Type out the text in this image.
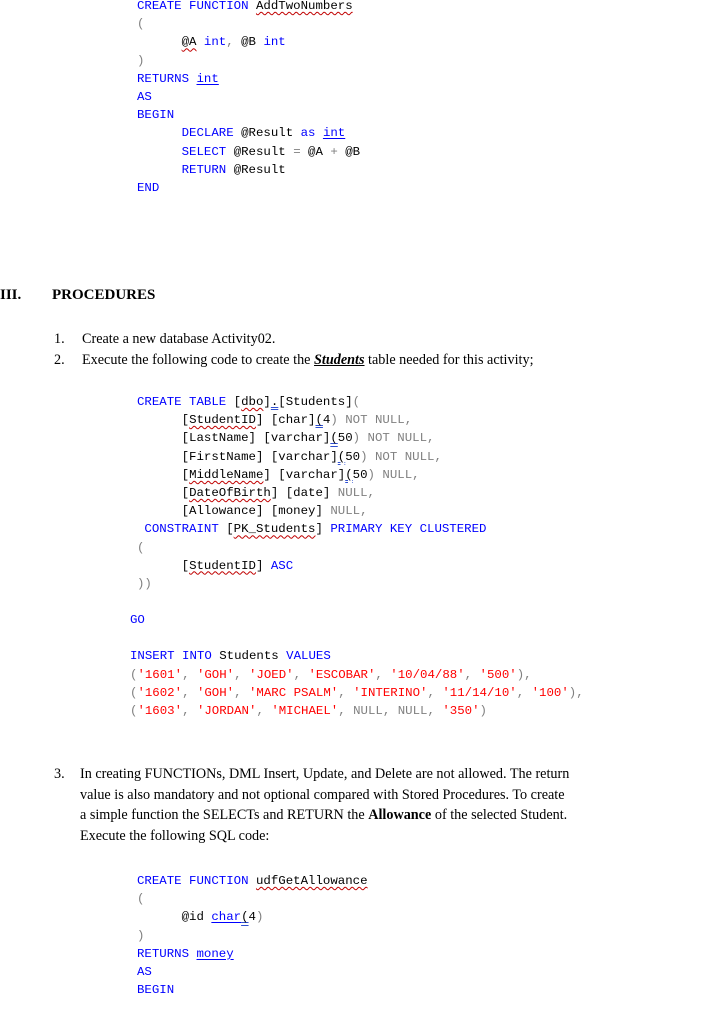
CREATE FUNCTION AddTwoNumbers
(
@A int, @B int
)
RETURNS int
AS
BEGIN
DECLARE @Result as int
SELECT @Result = @A + @B
RETURN @Result
END
III. PROCEDURES
1. Create a new database Activity02.
2. Execute the following code to create the Students table needed for this activity;
CREATE TABLE [dbo].[Students](
[StudentID] [char](4) NOT NULL,
[LastName] [varchar](50) NOT NULL,
[FirstName] [varchar](50) NOT NULL,
[MiddleName] [varchar](50) NULL,
[DateOfBirth] [date] NULL,
[Allowance] [money] NULL,
CONSTRAINT [PK_Students] PRIMARY KEY CLUSTERED
(
[StudentID] ASC
))
GO
INSERT INTO Students VALUES
('1601', 'GOH', 'JOED', 'ESCOBAR', '10/04/88', '500'),
('1602', 'GOH', 'MARC PSALM', 'INTERINO', '11/14/10', '100'),
('1603', 'JORDAN', 'MICHAEL', NULL, NULL, '350')
3. In creating FUNCTIONs, DML Insert, Update, and Delete are not allowed. The return
value is also mandatory and not optional compared with Stored Procedures. To create
a simple function the SELECTs and RETURN the Allowance of the selected Student.
Execute the following SQL code:
CREATE FUNCTION udfGetAllowance
(
@id char(4)
)
RETURNS money
AS
BEGIN
